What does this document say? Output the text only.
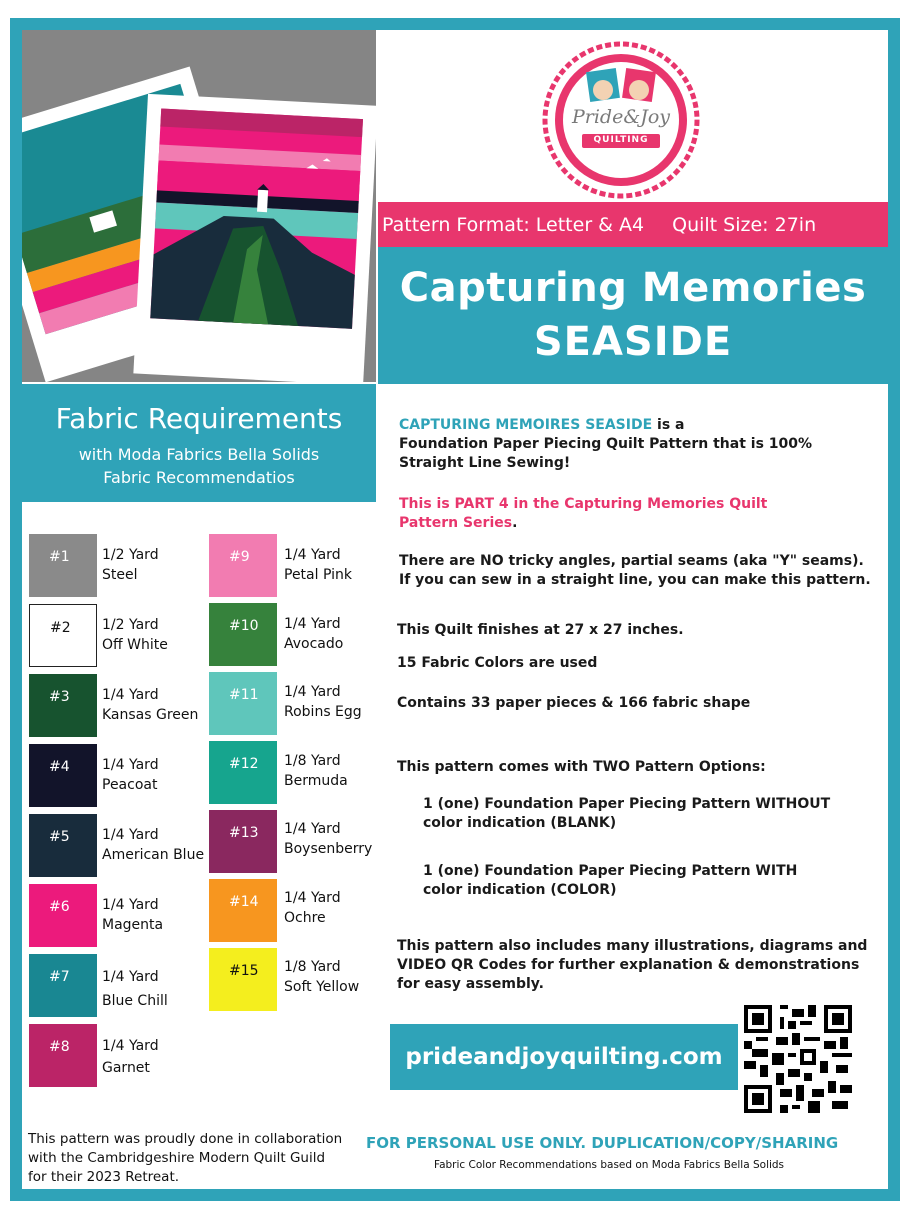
Pride&Joy
QUILTING
Pattern Format: Letter & A4 Quilt Size: 27in
Capturing Memories
SEASIDE
Fabric Requirements
with Moda Fabrics Bella Solids
Fabric Recommendatios
#1 1/2 Yard
Steel
#2 1/2 Yard
Off White
#3 1/4 Yard
Kansas Green
#4 1/4 Yard
Peacoat
#5 1/4 Yard
American Blue
#6 1/4 Yard
Magenta
#7 1/4 Yard
Blue Chill
#8 1/4 Yard
Garnet
#9 1/4 Yard
Petal Pink
#10 1/4 Yard
Avocado
#11 1/4 Yard
Robins Egg
#12 1/8 Yard
Bermuda
#13 1/4 Yard
Boysenberry
#14 1/4 Yard
Ochre
#15 1/8 Yard
Soft Yellow
CAPTURING MEMOIRES SEASIDE is a
Foundation Paper Piecing Quilt Pattern that is 100%
Straight Line Sewing!
This is PART 4 in the Capturing Memories Quilt
Pattern Series.
There are NO tricky angles, partial seams (aka "Y" seams).
If you can sew in a straight line, you can make this pattern.
This Quilt finishes at 27 x 27 inches.
15 Fabric Colors are used
Contains 33 paper pieces & 166 fabric shape
This pattern comes with TWO Pattern Options:
1 (one) Foundation Paper Piecing Pattern WITHOUT
color indication (BLANK)
1 (one) Foundation Paper Piecing Pattern WITH
color indication (COLOR)
This pattern also includes many illustrations, diagrams and
VIDEO QR Codes for further explanation & demonstrations
for easy assembly.
prideandjoyquilting.com
This pattern was proudly done in collaboration
with the Cambridgeshire Modern Quilt Guild
for their 2023 Retreat.
FOR PERSONAL USE ONLY. DUPLICATION/COPY/SHARING
Fabric Color Recommendations based on Moda Fabrics Bella Solids
